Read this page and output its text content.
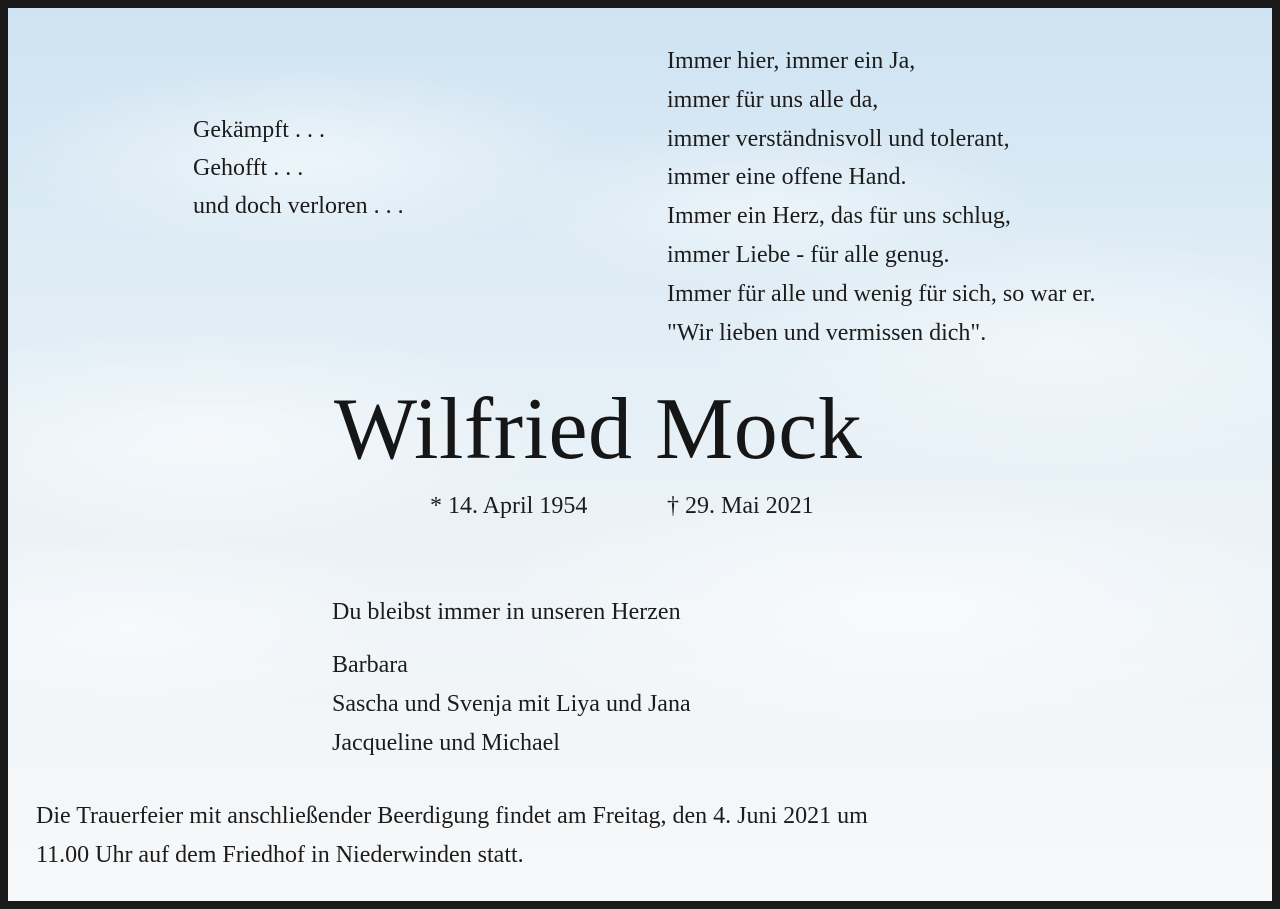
Gekämpft . . .
Gehofft . . .
und doch verloren . . .
Immer hier, immer ein Ja,
immer für uns alle da,
immer verständnisvoll und tolerant,
immer eine offene Hand.
Immer ein Herz, das für uns schlug,
immer Liebe - für alle genug.
Immer für alle und wenig für sich, so war er.
"Wir lieben und vermissen dich".
Wilfried Mock
* 14. April 1954	† 29. Mai 2021
Du bleibst immer in unseren Herzen
Barbara
Sascha und Svenja mit Liya und Jana
Jacqueline und Michael
Die Trauerfeier mit anschließender Beerdigung findet am Freitag, den 4. Juni 2021 um
11.00 Uhr auf dem Friedhof in Niederwinden statt.
